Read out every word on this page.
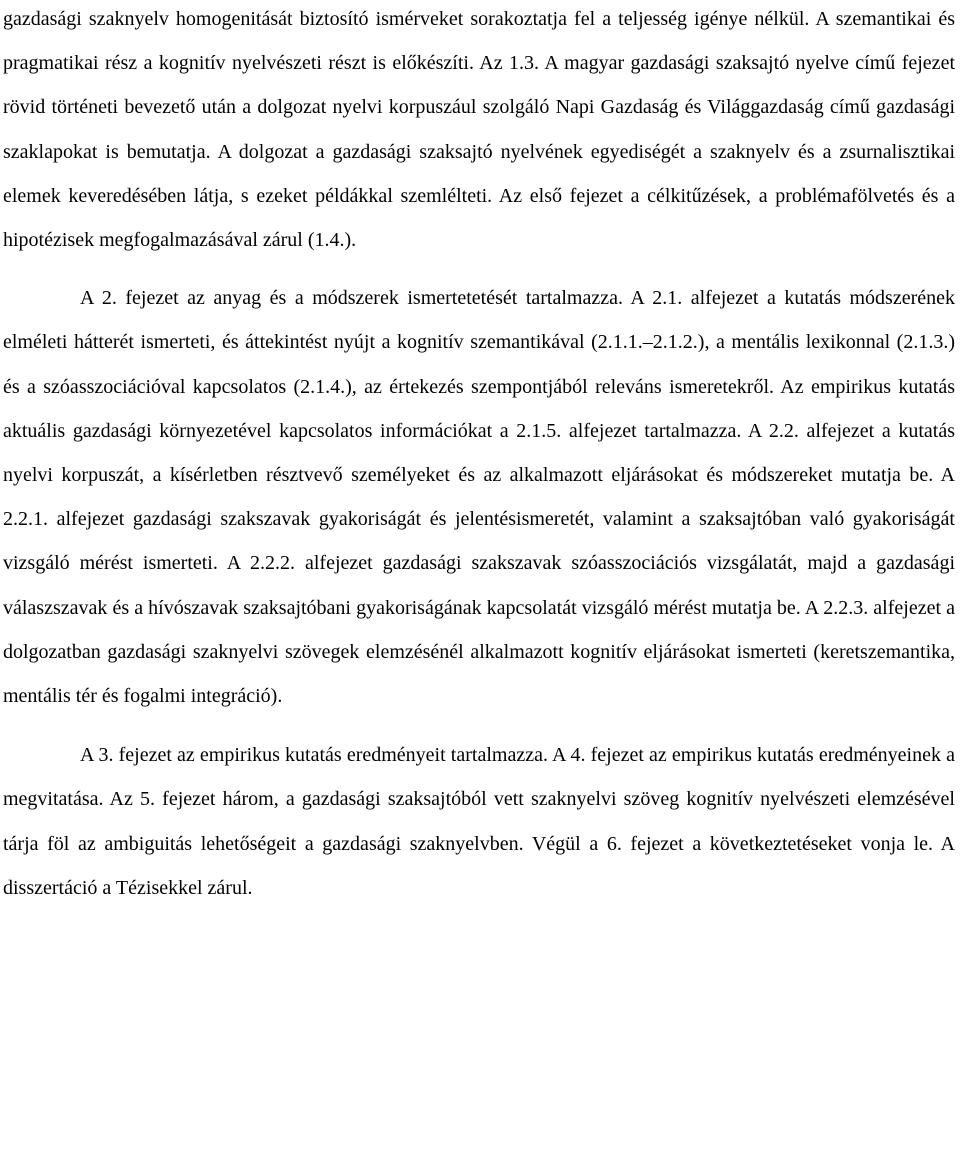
gazdasági szaknyelv homogenitását biztosító ismérveket sorakoztatja fel a teljesség igénye nélkül. A szemantikai és pragmatikai rész a kognitív nyelvészeti részt is előkészíti. Az 1.3. A magyar gazdasági szaksajtó nyelve című fejezet rövid történeti bevezető után a dolgozat nyelvi korpuszául szolgáló Napi Gazdaság és Világgazdaság című gazdasági szaklapokat is bemutatja. A dolgozat a gazdasági szaksajtó nyelvének egyediségét a szaknyelv és a zsurnalisztikai elemek keveredésében látja, s ezeket példákkal szemlélteti. Az első fejezet a célkitűzések, a problémafölvetés és a hipotézisek megfogalmazásával zárul (1.4.).

A 2. fejezet az anyag és a módszerek ismertetetését tartalmazza. A 2.1. alfejezet a kutatás módszerének elméleti hátterét ismerteti, és áttekintést nyújt a kognitív szemantikával (2.1.1.–2.1.2.), a mentális lexikonnal (2.1.3.) és a szóasszociációval kapcsolatos (2.1.4.), az értekezés szempontjából releváns ismeretekről. Az empirikus kutatás aktuális gazdasági környezetével kapcsolatos információkat a 2.1.5. alfejezet tartalmazza. A 2.2. alfejezet a kutatás nyelvi korpuszát, a kísérletben résztvevő személyeket és az alkalmazott eljárásokat és módszereket mutatja be. A 2.2.1. alfejezet gazdasági szakszavak gyakoriságát és jelentésismeretét, valamint a szaksajtóban való gyakoriságát vizsgáló mérést ismerteti. A 2.2.2. alfejezet gazdasági szakszavak szóasszociációs vizsgálatát, majd a gazdasági válaszszavak és a hívószavak szaksajtóbani gyakoriságának kapcsolatát vizsgáló mérést mutatja be. A 2.2.3. alfejezet a dolgozatban gazdasági szaknyelvi szövegek elemzésénél alkalmazott kognitív eljárásokat ismerteti (keretszemantika, mentális tér és fogalmi integráció).

A 3. fejezet az empirikus kutatás eredményeit tartalmazza. A 4. fejezet az empirikus kutatás eredményeinek a megvitatása. Az 5. fejezet három, a gazdasági szaksajtóból vett szaknyelvi szöveg kognitív nyelvészeti elemzésével tárja föl az ambiguitás lehetőségeit a gazdasági szaknyelvben. Végül a 6. fejezet a következtetéseket vonja le. A disszertáció a Tézisekkel zárul.
